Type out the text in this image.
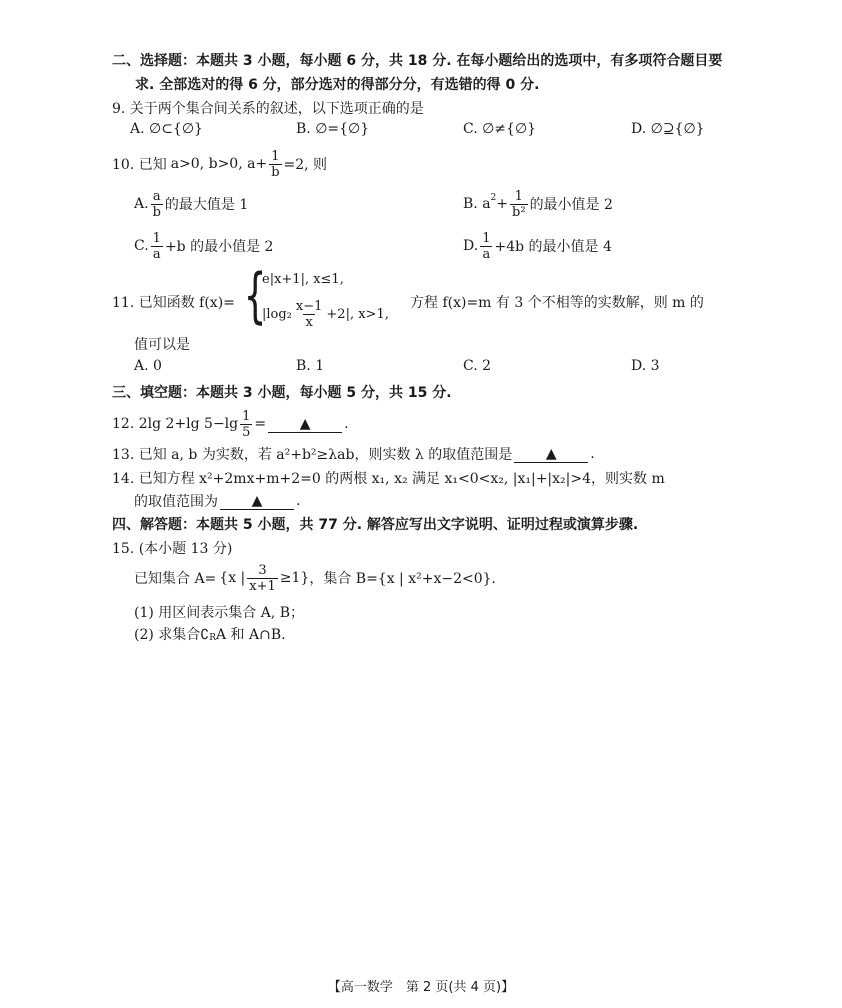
二、选择题：本题共 3 小题，每小题 6 分，共 18 分. 在每小题给出的选项中，有多项符合题目要
求. 全部选对的得 6 分，部分选对的得部分分，有选错的得 0 分.
9. 关于两个集合间关系的叙述，以下选项正确的是
A. ∅⊂{∅}	B. ∅={∅}	C. ∅≠{∅}	D. ∅⊇{∅}
10. 已知 a>0, b>0, $a+ \frac{1}{b} =2$, 则
A. $\frac{a}{b}$ 的最大值是 1	B. $a^2 + \frac{1}{\text{b²}}$ 的最小值是 2
C. $\frac{1}{a} +b$ 的最小值是 2	D. $\frac{1}{a} +4b$ 的最小值是 4
11. 已知函数 f(x)= {
e|x+1|, x≤1,
$|\log_2 \frac{x-1}{x} +2|$, x>1,
方程 f(x)=m 有 3 个不相等的实数解，则 m 的
值可以是
A. 0	B. 1	C. 2	D. 3
三、填空题：本题共 3 小题，每小题 5 分，共 15 分.
12. 2lg 2+lg $5-\lg \frac{1}{5}$ =	▲	.
13. 已知 a, b 为实数，若 a²+b²≥λab，则实数 λ 的取值范围是	▲	.
14. 已知方程 x²+2mx+m+2=0 的两根 x₁, x₂ 满足 x₁<0<x₂, |x₁|+|x₂|>4，则实数 m
的取值范围为	▲	.
四、解答题：本题共 5 小题，共 77 分. 解答应写出文字说明、证明过程或演算步骤.
15. (本小题 13 分)
已知集合 A= {x | $\frac{3}{x+1} \ge 1$} ，集合 B={x | x²+x−2<0}.
(1) 用区间表示集合 A, B；
(2) 求集合$∁_R$ A 和 A∩B.
【高一数学　第 2 页(共 4 页)】
